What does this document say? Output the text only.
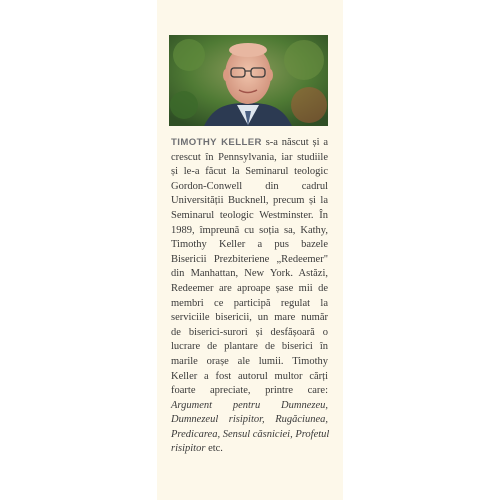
TIMOTHY KELLER s-a născut și a
crescut în Pennsylvania, iar studiile
și le-a făcut la Seminarul teologic
Gordon-Conwell din cadrul
Universității Bucknell, precum și la
Seminarul teologic Westminster. În
1989, împreună cu soția sa, Kathy,
Timothy Keller a pus bazele
Bisericii Prezbiteriene „Redeemer"
din Manhattan, New York. Astăzi,
Redeemer are aproape șase mii de
membri ce participă regulat la
serviciile bisericii, un mare număr
de biserici-surori și desfășoară o
lucrare de plantare de biserici în
marile orașe ale lumii. Timothy
Keller a fost autorul multor cărți
foarte apreciate, printre care:
Argument pentru Dumnezeu,
Dumnezeul risipitor, Rugăciunea,
Predicarea, Sensul căsniciei, Profetul
risipitor etc.
